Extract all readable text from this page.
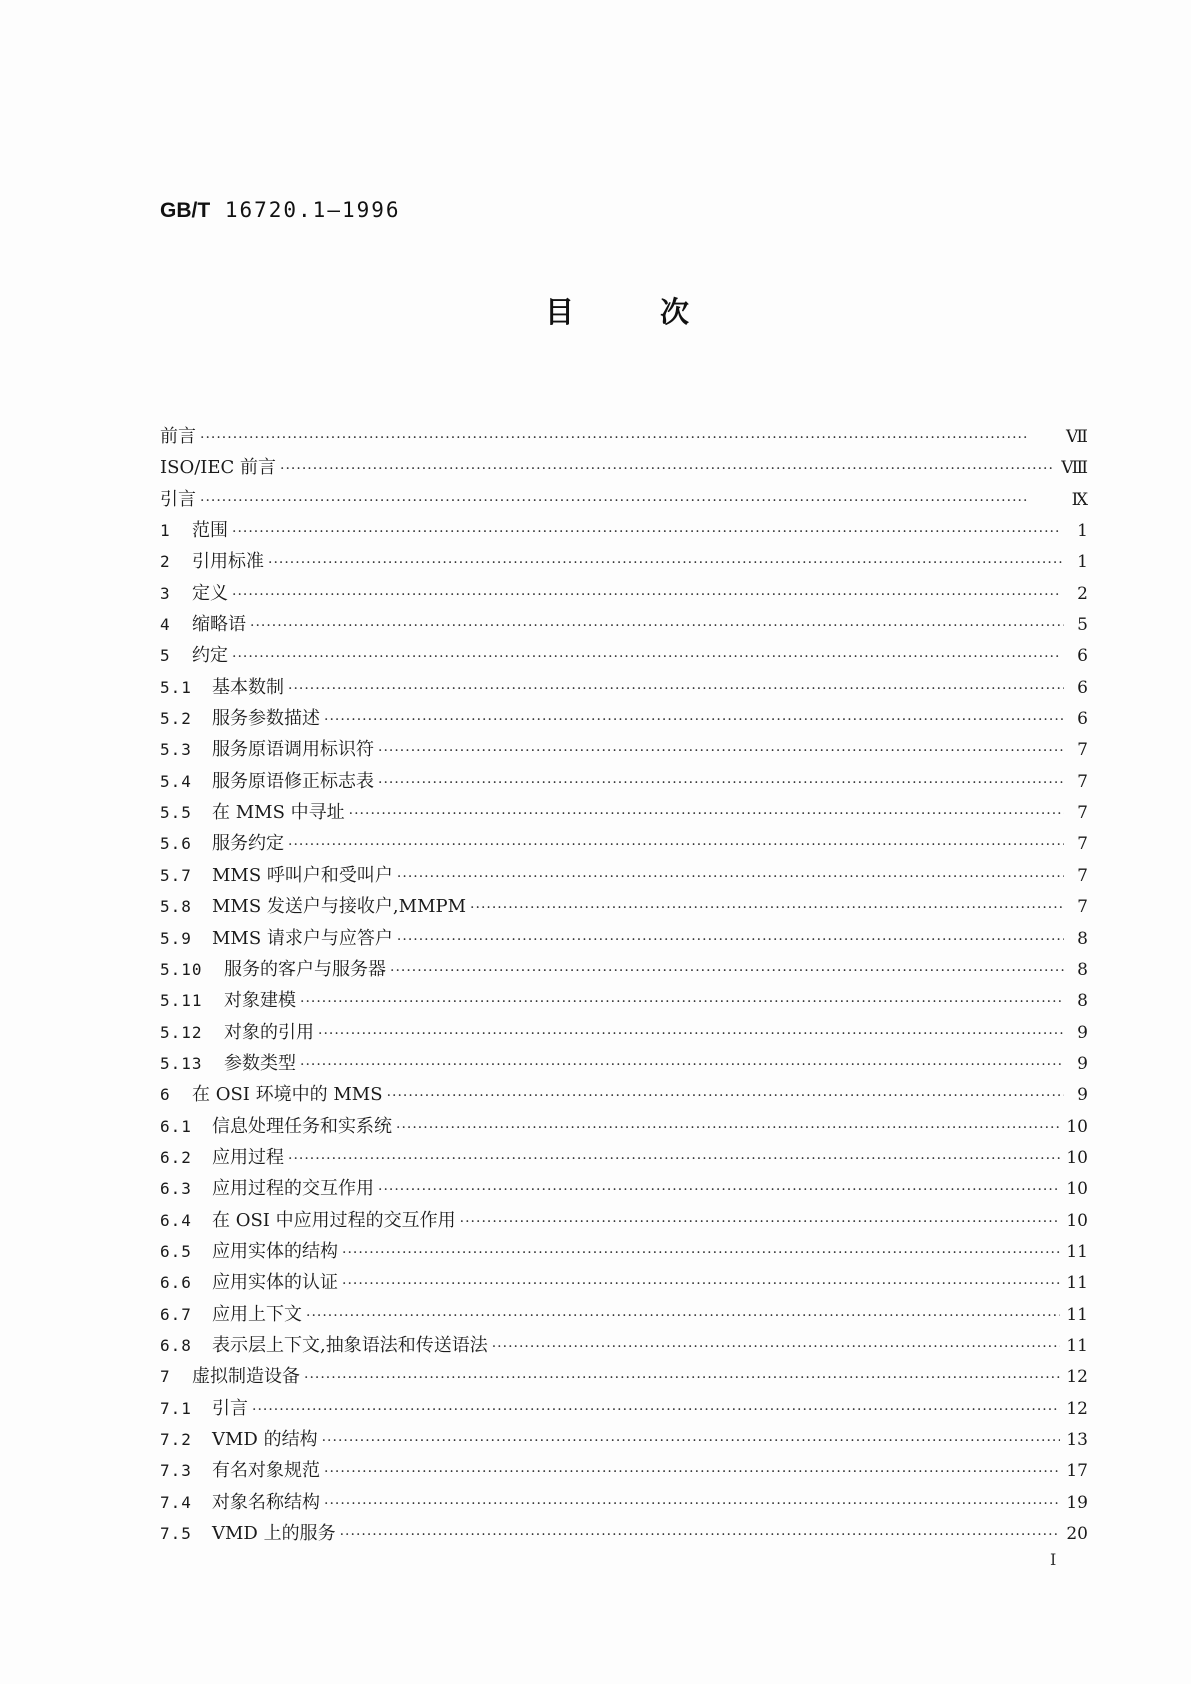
GB/T 16720.1—1996
目	次
前言 ·····	Ⅶ
ISO/IEC 前言 ·····	Ⅷ
引言 ·····	Ⅸ
1	范围 ·····	1
2	引用标准 ·····	1
3	定义 ·····	2
4	缩略语 ·····	5
5	约定 ·····	6
5.1	基本数制 ·····	6
5.2	服务参数描述 ·····	6
5.3	服务原语调用标识符 ·····	7
5.4	服务原语修正标志表 ·····	7
5.5	在 MMS 中寻址 ·····	7
5.6	服务约定 ·····	7
5.7	MMS 呼叫户和受叫户 ·····	7
5.8	MMS 发送户与接收户,MMPM ·····	7
5.9	MMS 请求户与应答户 ·····	8
5.10	服务的客户与服务器 ·····	8
5.11	对象建模 ·····	8
5.12	对象的引用 ·····	9
5.13	参数类型 ·····	9
6	在 OSI 环境中的 MMS ·····	9
6.1	信息处理任务和实系统 ·····	10
6.2	应用过程 ·····	10
6.3	应用过程的交互作用 ·····	10
6.4	在 OSI 中应用过程的交互作用 ·····	10
6.5	应用实体的结构 ·····	11
6.6	应用实体的认证 ·····	11
6.7	应用上下文 ·····	11
6.8	表示层上下文,抽象语法和传送语法 ·····	11
7	虚拟制造设备 ·····	12
7.1	引言 ·····	12
7.2	VMD 的结构 ·····	13
7.3	有名对象规范 ·····	17
7.4	对象名称结构 ·····	19
7.5	VMD 上的服务 ·····	20
I
